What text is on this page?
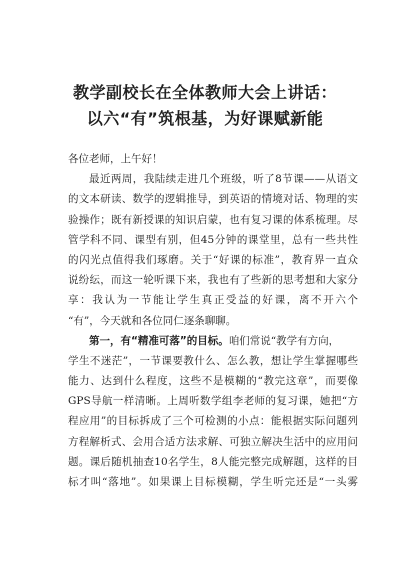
教学副校长在全体教师大会上讲话：
以六“有”筑根基，为好课赋新能
各位老师，上午好！
最近两周，我陆续走进几个班级，听了8节课——从语文
的文本研读、数学的逻辑推导，到英语的情境对话、物理的实
验操作；既有新授课的知识启蒙，也有复习课的体系梳理。尽
管学科不同、课型有别，但45分钟的课堂里，总有一些共性
的闪光点值得我们琢磨。关于“好课的标准”，教育界一直众
说纷纭，而这一轮听课下来，我也有了些新的思考想和大家分
享：我认为一节能让学生真正受益的好课，离不开六个
“有”，今天就和各位同仁逐条聊聊。
第一，有“精准可落”的目标。咱们常说“教学有方向，
学生不迷茫”，一节课要教什么、怎么教，想让学生掌握哪些
能力、达到什么程度，这些不是模糊的“教完这章”，而要像
GPS导航一样清晰。上周听数学组李老师的复习课，她把“方
程应用”的目标拆成了三个可检测的小点：能根据实际问题列
方程解析式、会用合适方法求解、可独立解决生活中的应用问
题。课后随机抽查10名学生，8人能完整完成解题，这样的目
标才叫“落地”。如果课上目标模糊，学生听完还是“一头雾
